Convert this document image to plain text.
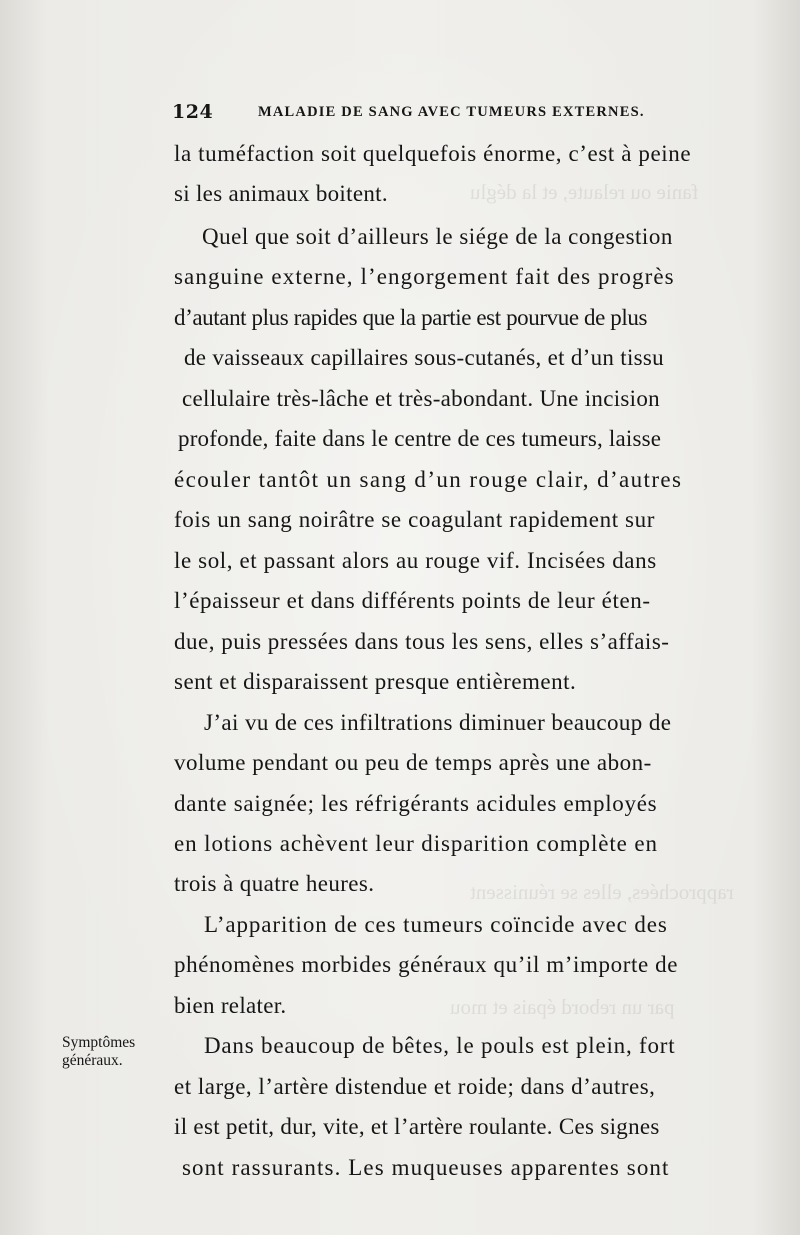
fanie ou relaute, et la déglu
rapprochées, elles se réunissent
par un rebord épais et mou
124	MALADIE DE SANG AVEC TUMEURS EXTERNES.
la tuméfaction soit quelquefois énorme, c’est à peine
si les animaux boitent.
Quel que soit d’ailleurs le siége de la congestion
sanguine externe, l’engorgement fait des progrès
d’autant plus rapides que la partie est pourvue de plus
de vaisseaux capillaires sous-cutanés, et d’un tissu
cellulaire très-lâche et très-abondant. Une incision
profonde, faite dans le centre de ces tumeurs, laisse
écouler tantôt un sang d’un rouge clair, d’autres
fois un sang noirâtre se coagulant rapidement sur
le sol, et passant alors au rouge vif. Incisées dans
l’épaisseur et dans différents points de leur éten-
due, puis pressées dans tous les sens, elles s’affais-
sent et disparaissent presque entièrement.
J’ai vu de ces infiltrations diminuer beaucoup de
volume pendant ou peu de temps après une abon-
dante saignée; les réfrigérants acidules employés
en lotions achèvent leur disparition complète en
trois à quatre heures.
L’apparition de ces tumeurs coïncide avec des
phénomènes morbides généraux qu’il m’importe de
bien relater.
Dans beaucoup de bêtes, le pouls est plein, fort
et large, l’artère distendue et roide; dans d’autres,
il est petit, dur, vite, et l’artère roulante. Ces signes
sont rassurants. Les muqueuses apparentes sont
Symptômes
généraux.
